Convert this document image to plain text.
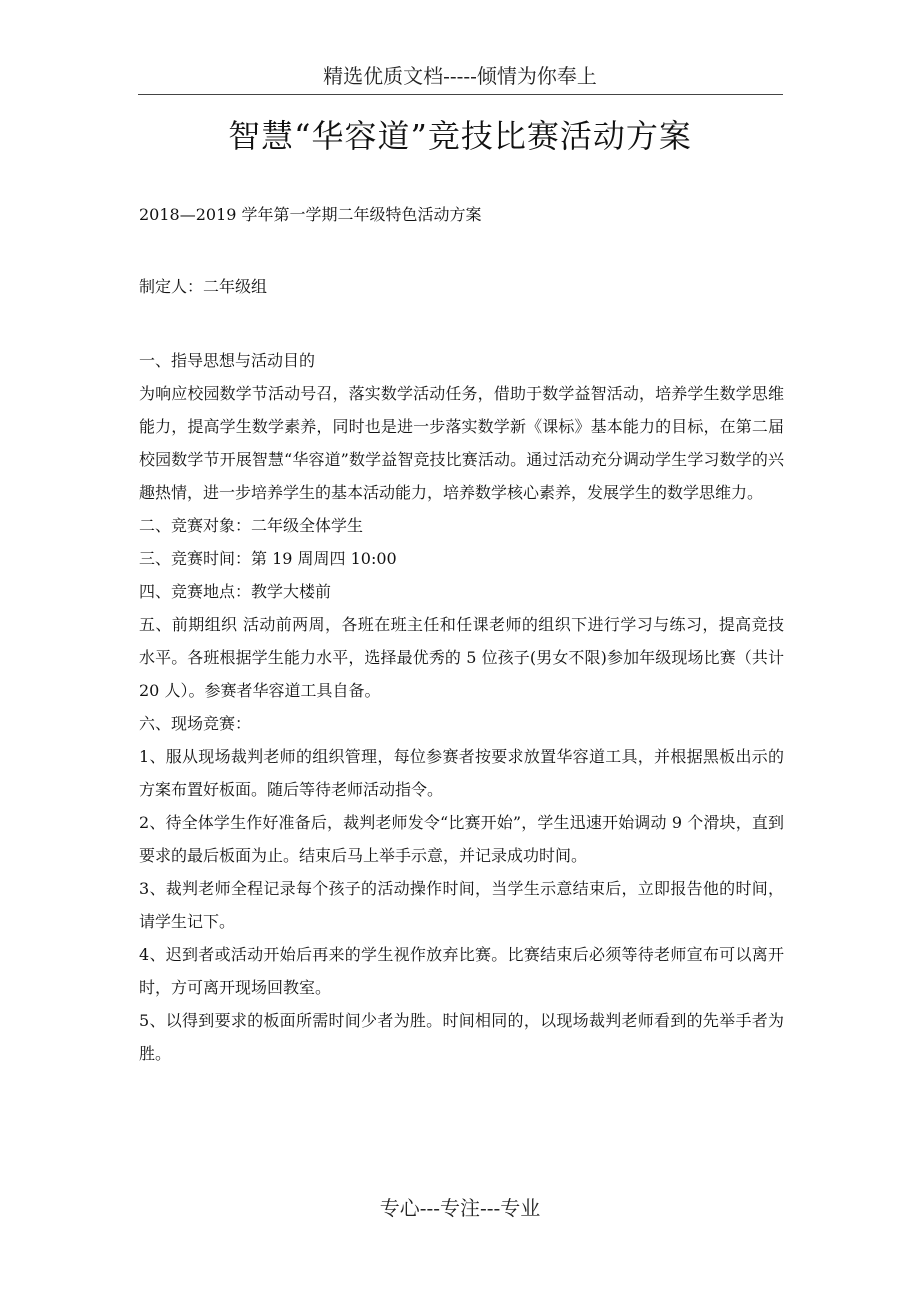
精选优质文档-----倾情为你奉上
智慧“华容道”竞技比赛活动方案
2018—2019 学年第一学期二年级特色活动方案
制定人：二年级组

一、指导思想与活动目的

为响应校园数学节活动号召，落实数学活动任务，借助于数学益智活动，培养学生数学思维能力，提高学生数学素养，同时也是进一步落实数学新《课标》基本能力的目标，在第二届校园数学节开展智慧“华容道”数学益智竞技比赛活动。通过活动充分调动学生学习数学的兴趣热情，进一步培养学生的基本活动能力，培养数学核心素养，发展学生的数学思维力。

二、竞赛对象：二年级全体学生

三、竞赛时间：第 19 周周四 10:00

四、竞赛地点：教学大楼前

五、前期组织 活动前两周，各班在班主任和任课老师的组织下进行学习与练习，提高竞技水平。各班根据学生能力水平，选择最优秀的 5 位孩子(男女不限)参加年级现场比赛（共计 20 人）。参赛者华容道工具自备。

六、现场竞赛：

1、服从现场裁判老师的组织管理，每位参赛者按要求放置华容道工具，并根据黑板出示的方案布置好板面。随后等待老师活动指令。

2、待全体学生作好准备后，裁判老师发令“比赛开始”，学生迅速开始调动 9 个滑块，直到要求的最后板面为止。结束后马上举手示意，并记录成功时间。

3、裁判老师全程记录每个孩子的活动操作时间，当学生示意结束后，立即报告他的时间，请学生记下。

4、迟到者或活动开始后再来的学生视作放弃比赛。比赛结束后必须等待老师宣布可以离开时，方可离开现场回教室。

5、以得到要求的板面所需时间少者为胜。时间相同的，以现场裁判老师看到的先举手者为胜。

专心---专注---专业
